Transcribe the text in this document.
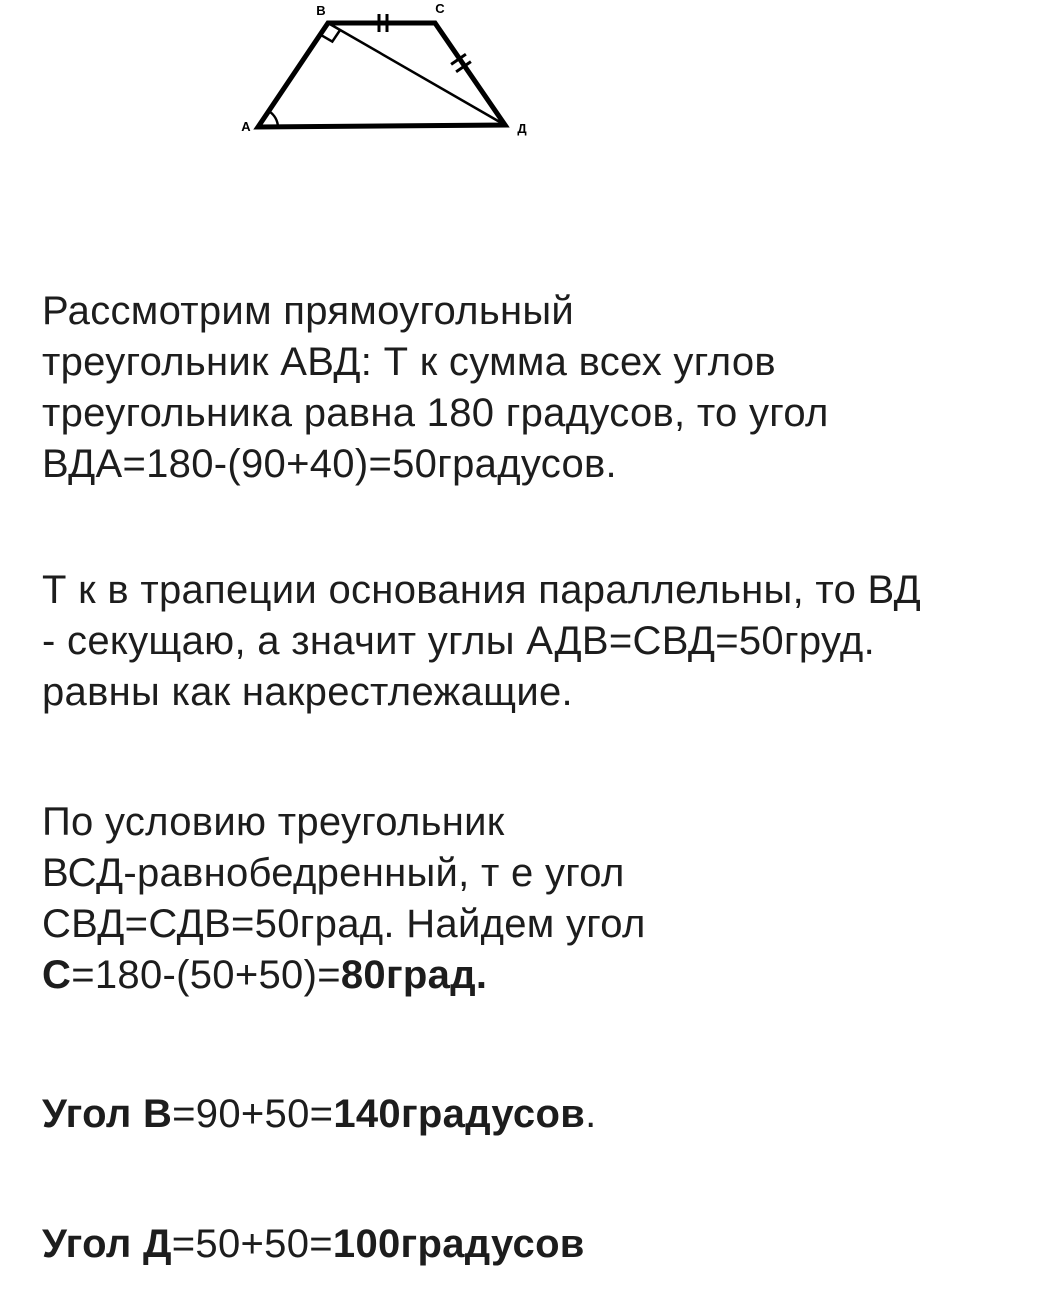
А
В	С
Д
Рассмотрим прямоугольный
треугольник АВД: Т к сумма всех углов
треугольника равна 180 градусов, то угол
ВДА=180-(90+40)=50градусов.
Т к в трапеции основания параллельны, то ВД
- секущаю, а значит углы АДВ=СВД=50груд.
равны как накрестлежащие.
По условию треугольник
ВСД-равнобедренный, т е угол
СВД=СДВ=50град. Найдем угол
С=180-(50+50)=80град.
Угол В=90+50=140градусов.
Угол Д=50+50=100градусов
